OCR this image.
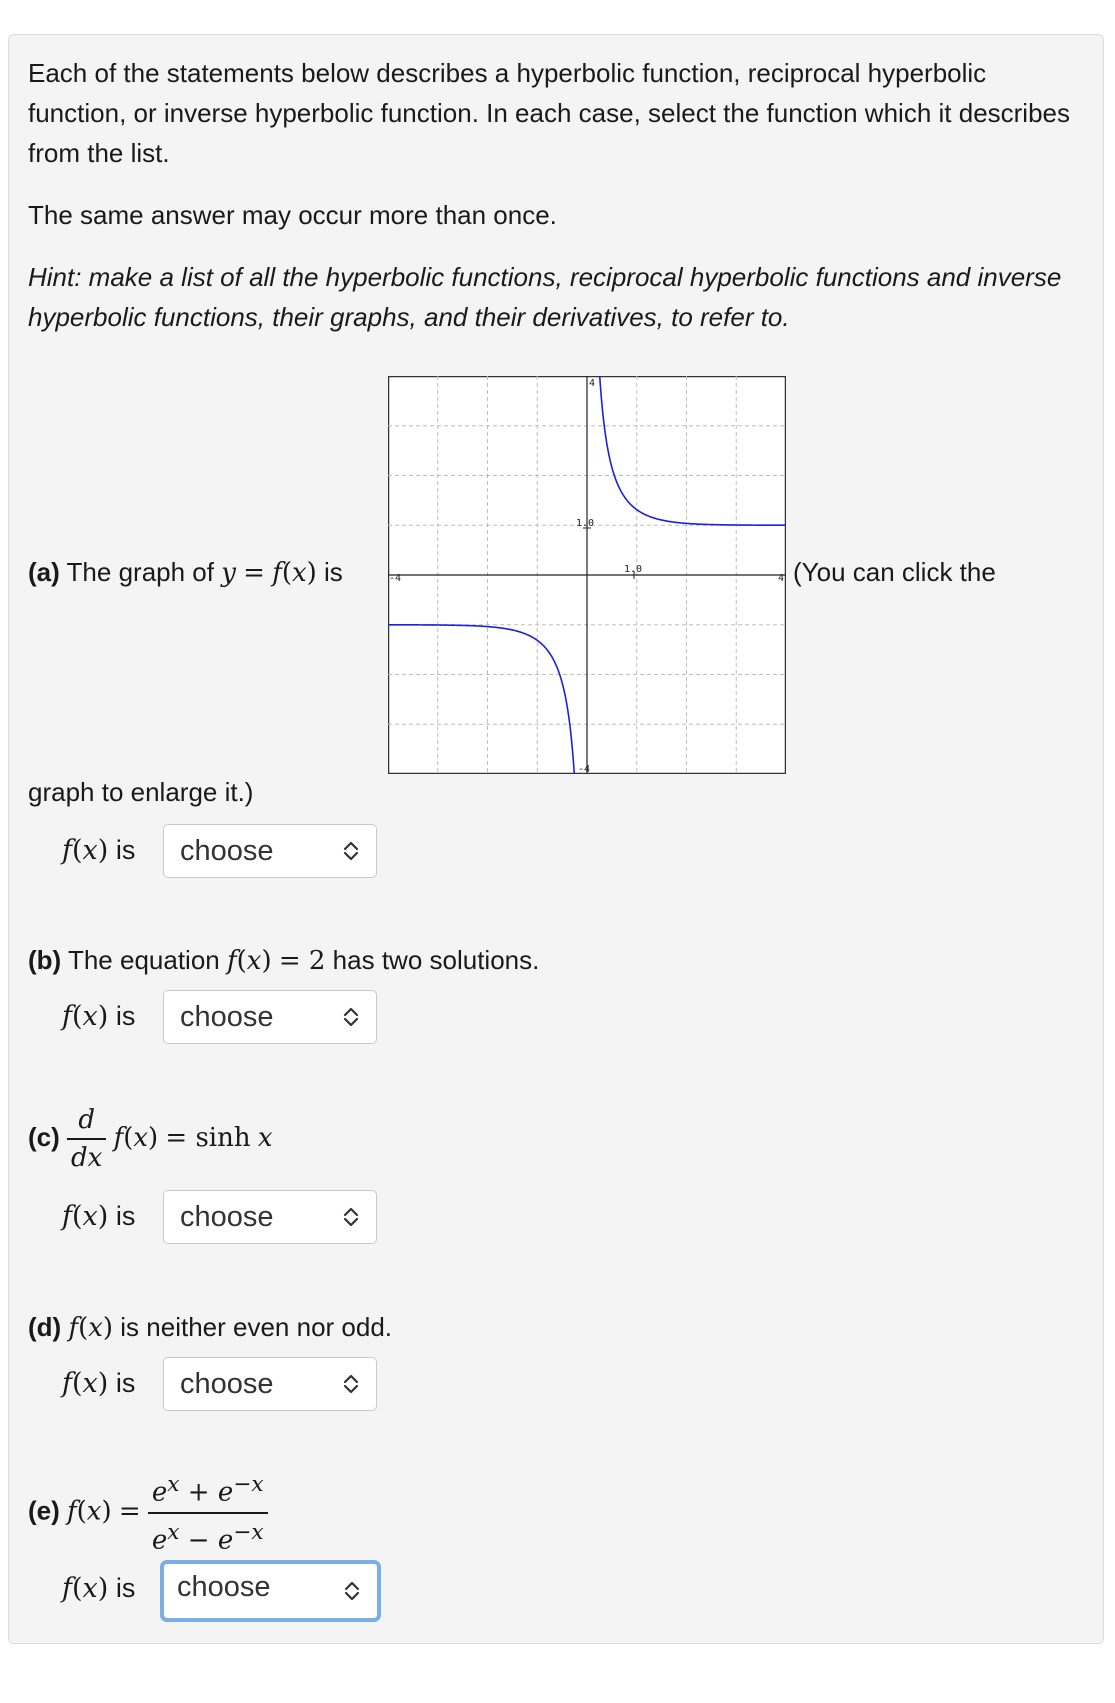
Each of the statements below describes a hyperbolic function, reciprocal hyperbolic function, or inverse hyperbolic function. In each case, select the function which it describes from the list.
The same answer may occur more than once.
Hint: make a list of all the hyperbolic functions, reciprocal hyperbolic functions and inverse hyperbolic functions, their graphs, and their derivatives, to refer to.
(a) The graph of y = f(x) is	(You can click the
graph to enlarge it.)
4
-4
-4	4
1.0
1.0
f(x) is	choose
(b) The equation f(x) = 2 has two solutions.
f(x) is	choose
$(c) \frac{d}{dx} f(x) = \sinh x$
f(x) is	choose
(d) f(x) is neither even nor odd.
f(x) is	choose
(e) $f(x) = \frac{e^x + e^{-x}}{e^x - e^{-x}}$
f(x) is	choose
